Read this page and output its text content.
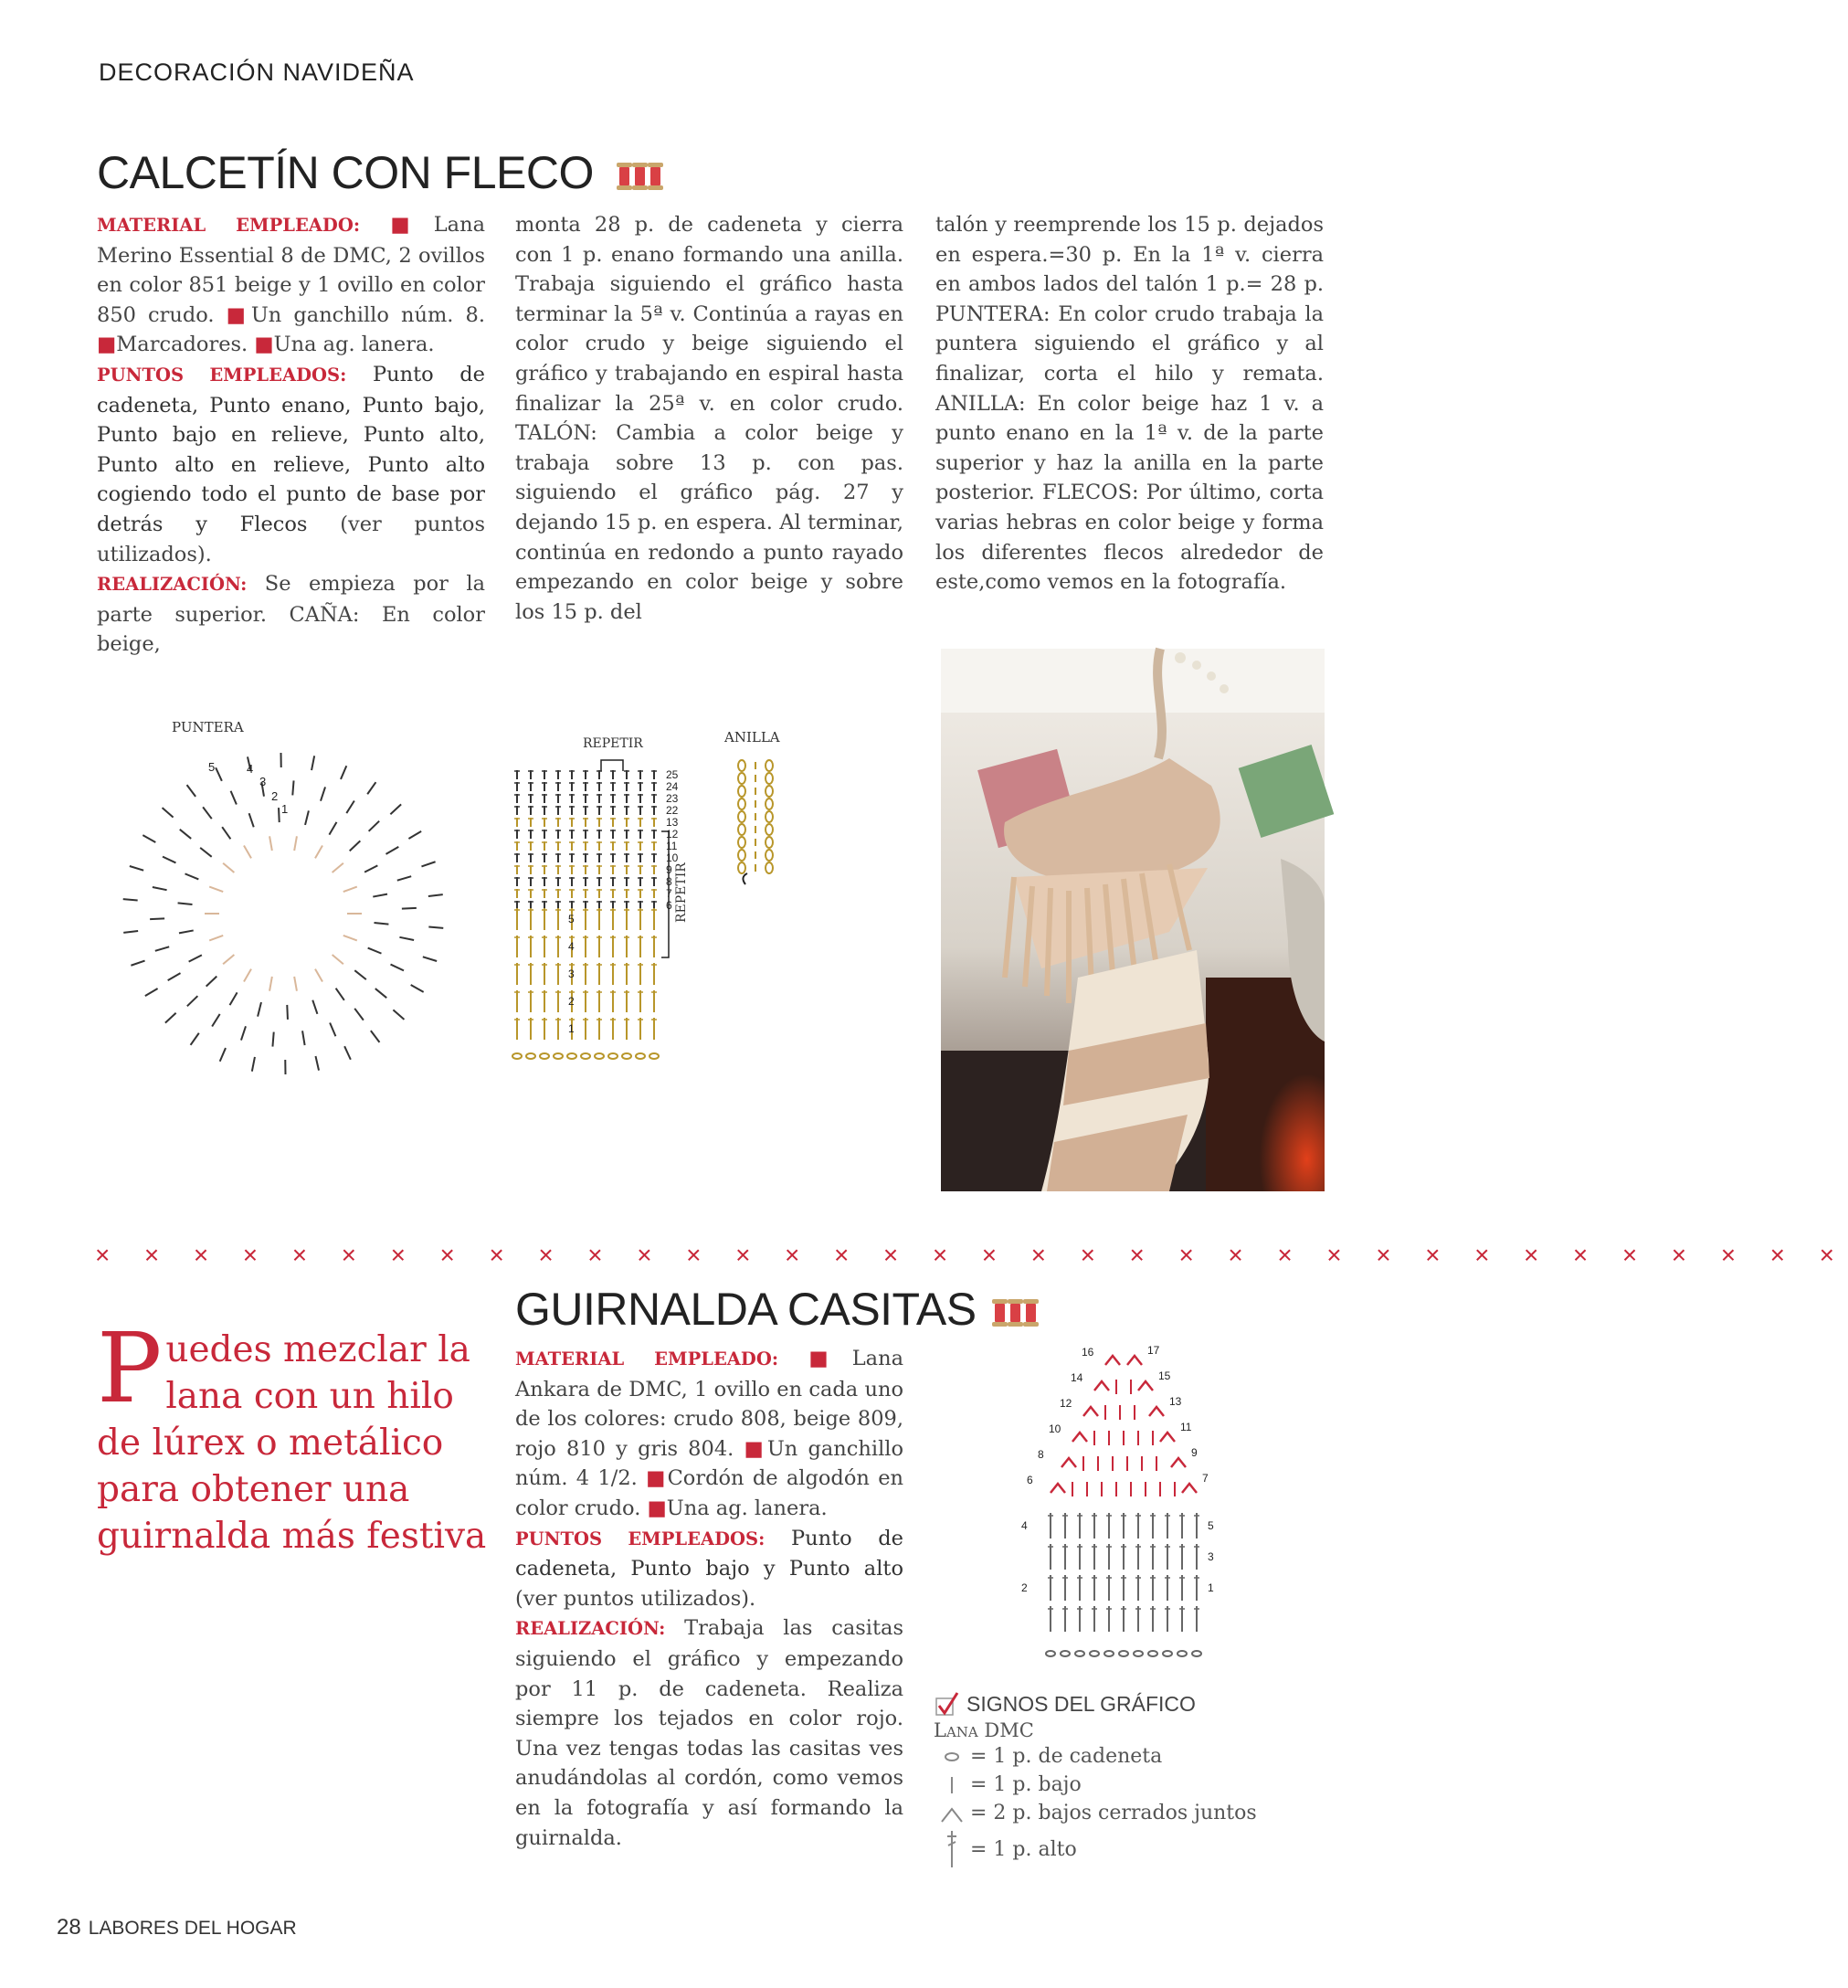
DECORACIÓN NAVIDEÑA
CALCETÍN CON FLECO
MATERIAL EMPLEADO: ■Lana Merino Essential 8 de DMC, 2 ovillos en color 851 beige y 1 ovillo en color 850 crudo. ■Un ganchillo núm. 8. ■Marcadores. ■Una ag. lanera.
PUNTOS EMPLEADOS: Punto de cadeneta, Punto enano, Punto bajo, Punto bajo en relieve, Punto alto, Punto alto en relieve, Punto alto cogiendo todo el punto de base por detrás y Flecos (ver puntos utilizados).
REALIZACIÓN: Se empieza por la parte superior. CAÑA: En color beige,
monta 28 p. de cadeneta y cierra con 1 p. enano formando una anilla. Trabaja siguiendo el gráfico hasta terminar la 5ª v. Continúa a rayas en color crudo y beige siguiendo el gráfico y trabajando en espiral hasta finalizar la 25ª v. en color crudo. TALÓN: Cambia a color beige y trabaja sobre 13 p. con pas. siguiendo el gráfico pág. 27 y dejando 15 p. en espera. Al terminar, continúa en redondo a punto rayado empezando en color beige y sobre los 15 p. del
talón y reemprende los 15 p. dejados en espera.=30 p. En la 1ª v. cierra en ambos lados del talón 1 p.= 28 p. PUNTERA: En color crudo trabaja la puntera siguiendo el gráfico y al finalizar, corta el hilo y remata. ANILLA: En color beige haz 1 v. a punto enano en la 1ª v. de la parte superior y haz la anilla en la parte posterior. FLECOS: Por último, corta varias hebras en color beige y forma los diferentes flecos alrededor de este,como vemos en la fotografía.
PUNTERA
5	4
3
2
1
REPETIR
25
24
23
22
13
12
11
10
9
8
7
6
5
4
3
2
1
REPETIR
ANILLA
× × × × × × × × × × × × × × × × × × × × × × × × × × × × × × × × × × × ×
Puedes mezclar la lana con un hilo de lúrex o metálico para obtener una guirnalda más festiva
GUIRNALDA CASITAS
MATERIAL EMPLEADO: ■Lana Ankara de DMC, 1 ovillo en cada uno de los colores: crudo 808, beige 809, rojo 810 y gris 804. ■Un ganchillo núm. 4 1/2. ■Cordón de algodón en color crudo. ■Una ag. lanera.
PUNTOS EMPLEADOS: Punto de cadeneta, Punto bajo y Punto alto (ver puntos utilizados).
REALIZACIÓN: Trabaja las casitas siguiendo el gráfico y empezando por 11 p. de cadeneta. Realiza siempre los tejados en color rojo. Una vez tengas todas las casitas ves anudándolas al cordón, como vemos en la fotografía y así formando la guirnalda.
16	17
14	15
12	13
10	11
8	9
6	7
4	5
3
2	1
SIGNOS DEL GRÁFICO
Lana DMC
= 1 p. de cadeneta
= 1 p. bajo
= 2 p. bajos cerrados juntos
= 1 p. alto
28 LABORES DEL HOGAR
